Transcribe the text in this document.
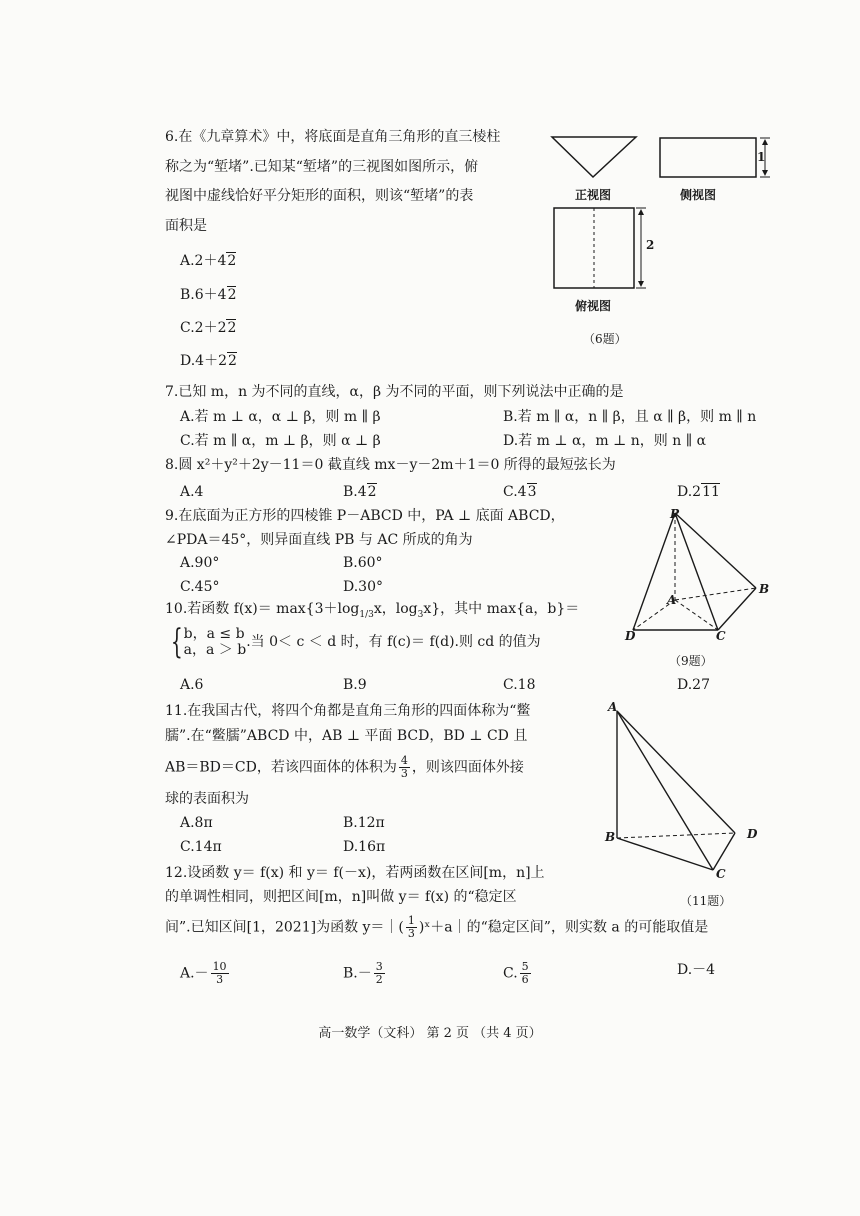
6.在《九章算术》中，将底面是直角三角形的直三棱柱
称之为“堑堵”.已知某“堑堵”的三视图如图所示，俯
视图中虚线恰好平分矩形的面积，则该“堑堵”的表
面积是
A.2＋42
B.6＋42
C.2＋22
D.4＋22
正视图	侧视图
俯视图
1
2
（6题）
7.已知 m，n 为不同的直线，α，β 为不同的平面，则下列说法中正确的是
A.若 m ⊥ α，α ⊥ β，则 m ∥ β	B.若 m ∥ α，n ∥ β，且 α ∥ β，则 m ∥ n
C.若 m ∥ α，m ⊥ β，则 α ⊥ β	D.若 m ⊥ α，m ⊥ n，则 n ∥ α
8.圆 x²＋y²＋2y－11＝0 截直线 mx－y－2m＋1＝0 所得的最短弦长为
A.4	B.42	C.43	D.211
9.在底面为正方形的四棱锥 P－ABCD 中，PA ⊥ 底面 ABCD，
∠PDA＝45°，则异面直线 PB 与 AC 所成的角为
A.90°	B.60°
C.45°	D.30°
P
A
B
C
D
（9题）
10.若函数 $f(x)= \max\{3+\log_{1/3}x$，$\log_3x$}，其中 max{a，b}＝
{ b，a ≤ b
a，a ＞ b .当 0＜ c ＜ d 时，有 f(c)＝ f(d).则 cd 的值为
A.6	B.9	C.18	D.27
11.在我国古代，将四个角都是直角三角形的四面体称为“鳖
臑”.在“鳖臑”ABCD 中，AB ⊥ 平面 BCD，BD ⊥ CD 且
AB＝BD＝CD，若该四面体的体积为 $\frac{4}{3}$ ，则该四面体外接
球的表面积为
A.8π	B.12π
C.14π	D.16π
A
B	D
C
（11题）
12.设函数 y＝ f(x) 和 y＝ f(－x)，若两函数在区间[m，n]上
的单调性相同，则把区间[m，n]叫做 y＝ f(x) 的“稳定区
间”.已知区间[1，2021]为函数 y＝｜( $\frac{1}{3}$ )ˣ＋a｜的“稳定区间”，则实数 a 的可能取值是
$A.- \frac{10}{3}$	$B.- \frac{3}{2}$	C. $\frac{5}{6}$	D.－4
高一数学（文科） 第 2 页 （共 4 页）
